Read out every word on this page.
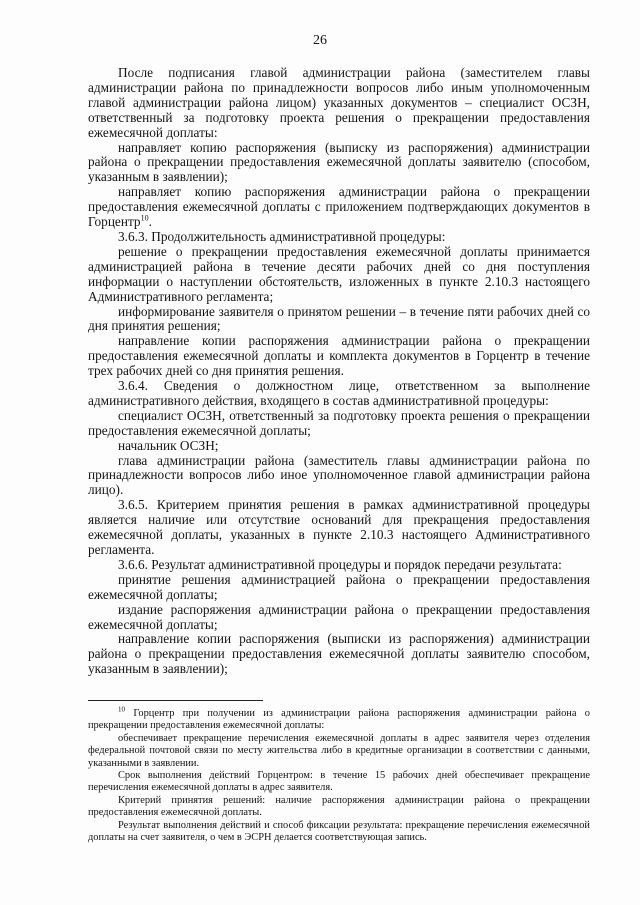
26

После подписания главой администрации района (заместителем главы администрации района по принадлежности вопросов либо иным уполномоченным главой администрации района лицом) указанных документов – специалист ОСЗН, ответственный за подготовку проекта решения о прекращении предоставления ежемесячной доплаты:

направляет копию распоряжения (выписку из распоряжения) администрации района о прекращении предоставления ежемесячной доплаты заявителю (способом, указанным в заявлении);

направляет копию распоряжения администрации района о прекращении предоставления ежемесячной доплаты с приложением подтверждающих документов в Горцентр$^{10}$.

3.6.3. Продолжительность административной процедуры:

решение о прекращении предоставления ежемесячной доплаты принимается администрацией района в течение десяти рабочих дней со дня поступления информации о наступлении обстоятельств, изложенных в пункте 2.10.3 настоящего Административного регламента;

информирование заявителя о принятом решении – в течение пяти рабочих дней со дня принятия решения;

направление копии распоряжения администрации района о прекращении предоставления ежемесячной доплаты и комплекта документов в Горцентр в течение трех рабочих дней со дня принятия решения.

3.6.4. Сведения о должностном лице, ответственном за выполнение административного действия, входящего в состав административной процедуры:

специалист ОСЗН, ответственный за подготовку проекта решения о прекращении предоставления ежемесячной доплаты;

начальник ОСЗН;

глава администрации района (заместитель главы администрации района по принадлежности вопросов либо иное уполномоченное главой администрации района лицо).

3.6.5. Критерием принятия решения в рамках административной процедуры является наличие или отсутствие оснований для прекращения предоставления ежемесячной доплаты, указанных в пункте 2.10.3 настоящего Административного регламента.

3.6.6. Результат административной процедуры и порядок передачи результата:

принятие решения администрацией района о прекращении предоставления ежемесячной доплаты;

издание распоряжения администрации района о прекращении предоставления ежемесячной доплаты;

направление копии распоряжения (выписки из распоряжения) администрации района о прекращении предоставления ежемесячной доплаты заявителю способом, указанным в заявлении);

$^{10}$ Горцентр при получении из администрации района распоряжения администрации района о прекращении предоставления ежемесячной доплаты:

обеспечивает прекращение перечисления ежемесячной доплаты в адрес заявителя через отделения федеральной почтовой связи по месту жительства либо в кредитные организации в соответствии с данными, указанными в заявлении.

Срок выполнения действий Горцентром: в течение 15 рабочих дней обеспечивает прекращение перечисления ежемесячной доплаты в адрес заявителя.

Критерий принятия решений: наличие распоряжения администрации района о прекращении предоставления ежемесячной доплаты.

Результат выполнения действий и способ фиксации результата: прекращение перечисления ежемесячной доплаты на счет заявителя, о чем в ЭСРН делается соответствующая запись.
